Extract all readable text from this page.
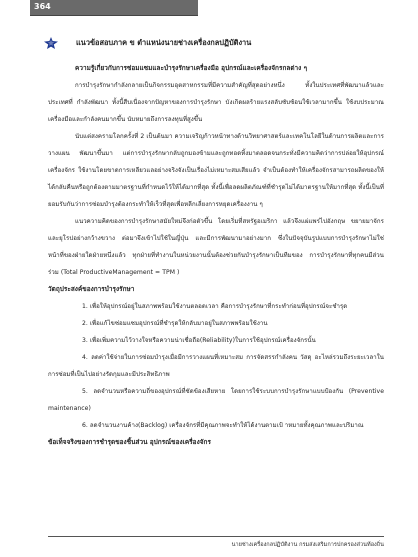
364
แนวข้อสอบภาค ข ตำแหน่งนายช่างเครื่องกลปฏิบัติงาน

ความรู้เกี่ยวกับการซ่อมแซมและบำรุงรักษาเครื่องมือ อุปกรณ์และเครื่องจักรกลต่าง ๆ

การบำรุงรักษากำลังกลายเป็นกิจกรรมอุตสาหกรรมที่มีความสำคัญที่สุดอย่างหนึ่ง ทั้งในประเทศที่พัฒนาแล้วและประเทศที่ กำลังพัฒนา ทั้งนี้สืบเนื่องจากปัญหาของการบำรุงรักษา บังเกิดผลร้ายแรงสลับซับซ้อนใช้เวลามากขึ้น ใช้งบประมาณ เครื่องมือและกำลังคนมากขึ้น นับหมายถึงการลงทุนที่สูงขึ้น

นับแต่สงครามโลกครั้งที่ 2 เป็นต้นมา ความเจริญก้าวหน้าทางด้านวิทยาศาสตร์และเทคโนโลยีในด้านการผลิตและการวางแผน พัฒนาขึ้นมา แต่การบำรุงรักษากลับถูกมองข้ามและถูกทอดทิ้งมาตลอดจนกระทั่งมีความคิดว่าการปล่อยให้อุปกรณ์เครื่องจักร ใช้งานโดยขาดการเหลียวแลอย่างจริงจังเป็นเรื่องไม่เหมาะสมเสียแล้ว จำเป็นต้องทำให้เครื่องจักรสามารถผลิตของให้ได้กลับคืนหรือถูกต้องตามมาตรฐานที่กำหนดไว้ให้ได้มากที่สุด ทั้งนี้เพื่อลดผลิตภัณฑ์ที่ชำรุดไม่ได้มาตรฐานให้มากที่สุด ทั้งนี้เป็นที่ยอมรับกันว่าการซ่อมบำรุงต้องกระทำให้เร็วที่สุดเพื่อหลีกเลี่ยงการหยุดเครื่องงาน ๆ

แนวความคิดของการบำรุงรักษาสมัยใหม่จึงก่อตัวขึ้น โดยเริ่มที่สหรัฐอเมริกา แล้วจึงแผ่แพร่ไปอังกฤษ ขยายมาจักรและยุโรปอย่างกว้างขวาง ต่อมาจึงเข้าไปใช้ในญี่ปุ่น และมีการพัฒนามาอย่างมาก ซึ่งในปัจจุบันรูปแบบการบำรุงรักษาไม่ใช่หน้าที่ของฝ่ายใดฝ่ายหนึ่งแล้ว ทุกฝ่ายที่ทำงานในหน่วยงานนั้นต้องช่วยกันบำรุงรักษาเป็นทีมของ การบำรุงรักษาที่ทุกคนมีส่วนร่วม (Total ProductiveManagement = TPM )

วัตถุประสงค์ของการบำรุงรักษา

1. เพื่อให้อุปกรณ์อยู่ในสภาพพร้อมใช้งานตลอดเวลา คือการบำรุงรักษาที่กระทำก่อนที่อุปกรณ์จะชำรุด

2. เพื่อแก้ไขซ่อมแซมอุปกรณ์ที่ชำรุดให้กลับมาอยู่ในสภาพพร้อมใช้งาน

3. เพื่อเพิ่มความไว้วางใจหรือความน่าเชื่อถือ(Reliability)ในการใช้อุปกรณ์เครื่องจักรนั้น

4. ลดค่าใช้จ่ายในการซ่อมบำรุงเมื่อมีการวางแผนที่เหมาะสม การจัดสรรกำลังคน วัสดุ อะไหล่รวมถึงระยะเวลาในการซ่อมที่เป็นไปอย่างรัดกุมและมีประสิทธิภาพ

5. ลดจำนวนหรือความถี่ของอุปกรณ์ที่ชัดข้องเสียหาย โดยการใช้ระบบการบำรุงรักษาแบบป้องกัน (Preventive maintenance)

6. ลดจำนวนงานค้าง(Backlog) เครื่องจักรที่มีคุณภาพจะทำให้ได้งานตามเป้ าหมายทั้งคุณภาพและปริมาณ

ข้อเท็จจริงของการชำรุดของชิ้นส่วน อุปกรณ์ของเครื่องจักร

นายช่างเครื่องกลปฏิบัติงาน กรมส่งเสริมการปกครองส่วนท้องถิ่น
